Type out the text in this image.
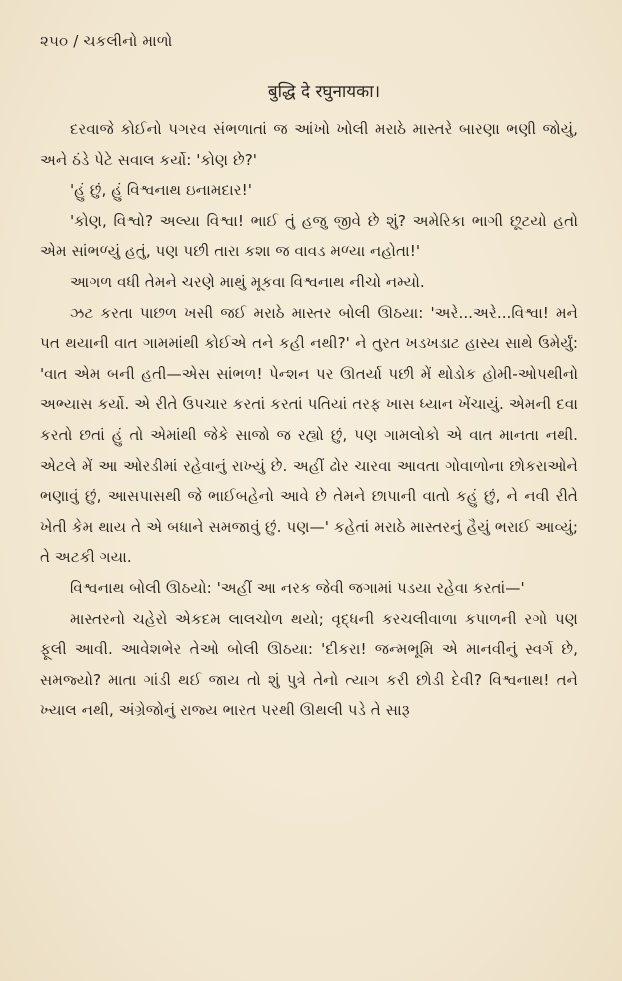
૨૫૦ / ચકલીનો માળો
बुद्धि दे रघुनायका।

દરવાજે કોઈનો પગરવ સંભળાતાં જ આંખો ખોલી મરાઠે માસ્તરે બારણા ભણી જોયું, અને ઠંડે પેટે સવાલ કર્યો: 'કોણ છે?'

'હું છું, હું વિશ્વનાથ ઇનામદાર!'

'કોણ, વિશ્વો? અલ્યા વિશ્વા! ભાઈ તું હજુ જીવે છે શું? અમેરિકા ભાગી છૂટયો હતો એમ સાંભળ્યું હતું, પણ પછી તારા કશા જ વાવડ મળ્યા નહોતા!'

આગળ વધી તેમને ચરણે માથું મૂકવા વિશ્વનાથ નીચો નમ્યો.

ઝટ કરતા પાછળ ખસી જઈ મરાઠે માસ્તર બોલી ઊઠયા: 'અરે...અરે...વિશ્વા! મને પત થયાની વાત ગામમાંથી કોઈએ તને કહી નથી?' ને તુરત ખડખડાટ હાસ્ય સાથે ઉમેર્યું: 'વાત એમ બની હતી—એસ સાંભળ! પેન્શન પર ઊતર્યા પછી મેં થોડોક હોમી-ઓપથીનો અભ્યાસ કર્યો. એ રીતે ઉપચાર કરતાં કરતાં પતિયાં તરફ ખાસ ધ્યાન ખેંચાયું. એમની દવા કરતો છતાં હું તો એમાંથી જેકે સાજો જ રહ્યો છું, પણ ગામલોકો એ વાત માનતા નથી. એટલે મેં આ ઓરડીમાં રહેવાનું રાખ્યું છે. અહીં ઢોર ચારવા આવતા ગોવાળોના છોકરાઓને ભણાવું છું, આસપાસથી જે ભાઈબહેનો આવે છે તેમને છાપાની વાતો કહું છું, ને નવી રીતે ખેતી કેમ થાય તે એ બધાને સમજાવું છું. પણ—' કહેતાં મરાઠે માસ્તરનું હૈયું ભરાઈ આવ્યું; તે અટકી ગયા.

વિશ્વનાથ બોલી ઊઠયો: 'અહીં આ નરક જેવી જગામાં પડયા રહેવા કરતાં—'

માસ્તરનો ચહેરો એકદમ લાલચોળ થયો; વૃદ્ધની કરચલીવાળા કપાળની રગો પણ ફૂલી આવી. આવેશભેર તેઓ બોલી ઊઠયા: 'દીકરા! જન્મભૂમિ એ માનવીનું સ્વર્ગ છે, સમજ્યો? માતા ગાંડી થઈ જાય તો શું પુત્રે તેનો ત્યાગ કરી છોડી દેવી? વિશ્વનાથ! તને ખ્યાલ નથી, અંગ્રેજોનું રાજ્ય ભારત પરથી ઊથલી પડે તે સારૂ
